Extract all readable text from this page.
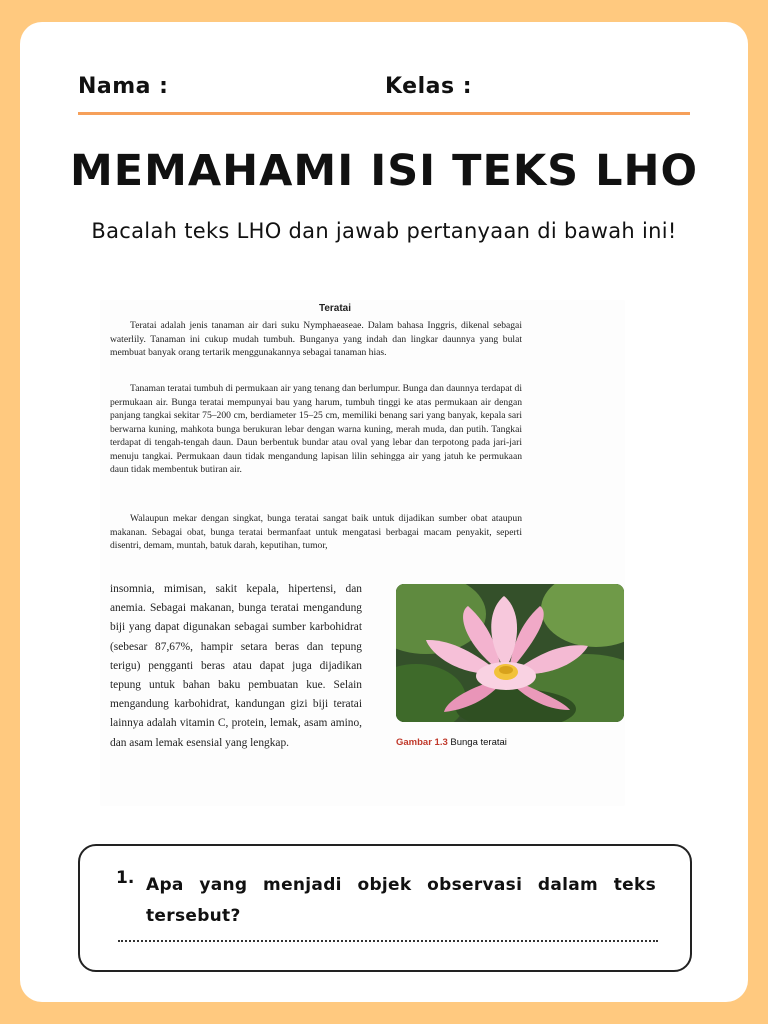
Nama :	Kelas :
MEMAHAMI ISI TEKS LHO
Bacalah teks LHO dan jawab pertanyaan di bawah ini!
Teratai

Teratai adalah jenis tanaman air dari suku Nymphaeaseae. Dalam bahasa Inggris, dikenal sebagai waterlily. Tanaman ini cukup mudah tumbuh. Bunganya yang indah dan lingkar daunnya yang bulat membuat banyak orang tertarik menggunakannya sebagai tanaman hias.

Tanaman teratai tumbuh di permukaan air yang tenang dan berlumpur. Bunga dan daunnya terdapat di permukaan air. Bunga teratai mempunyai bau yang harum, tumbuh tinggi ke atas permukaan air dengan panjang tangkai sekitar 75–200 cm, berdiameter 15–25 cm, memiliki benang sari yang banyak, kepala sari berwarna kuning, mahkota bunga berukuran lebar dengan warna kuning, merah muda, dan putih. Tangkai terdapat di tengah-tengah daun. Daun berbentuk bundar atau oval yang lebar dan terpotong pada jari-jari menuju tangkai. Permukaan daun tidak mengandung lapisan lilin sehingga air yang jatuh ke permukaan daun tidak membentuk butiran air.

Walaupun mekar dengan singkat, bunga teratai sangat baik untuk dijadikan sumber obat ataupun makanan. Sebagai obat, bunga teratai bermanfaat untuk mengatasi berbagai macam penyakit, seperti disentri, demam, muntah, batuk darah, keputihan, tumor,

insomnia, mimisan, sakit kepala, hipertensi, dan anemia. Sebagai makanan, bunga teratai mengandung biji yang dapat digunakan sebagai sumber karbohidrat (sebesar 87,67%, hampir setara beras dan tepung terigu) pengganti beras atau dapat juga dijadikan tepung untuk bahan baku pembuatan kue. Selain mengandung karbohidrat, kandungan gizi biji teratai lainnya adalah vitamin C, protein, lemak, asam amino, dan asam lemak esensial yang lengkap.	Gambar 1.3 Bunga teratai
1. Apa yang menjadi objek observasi dalam teks tersebut?
